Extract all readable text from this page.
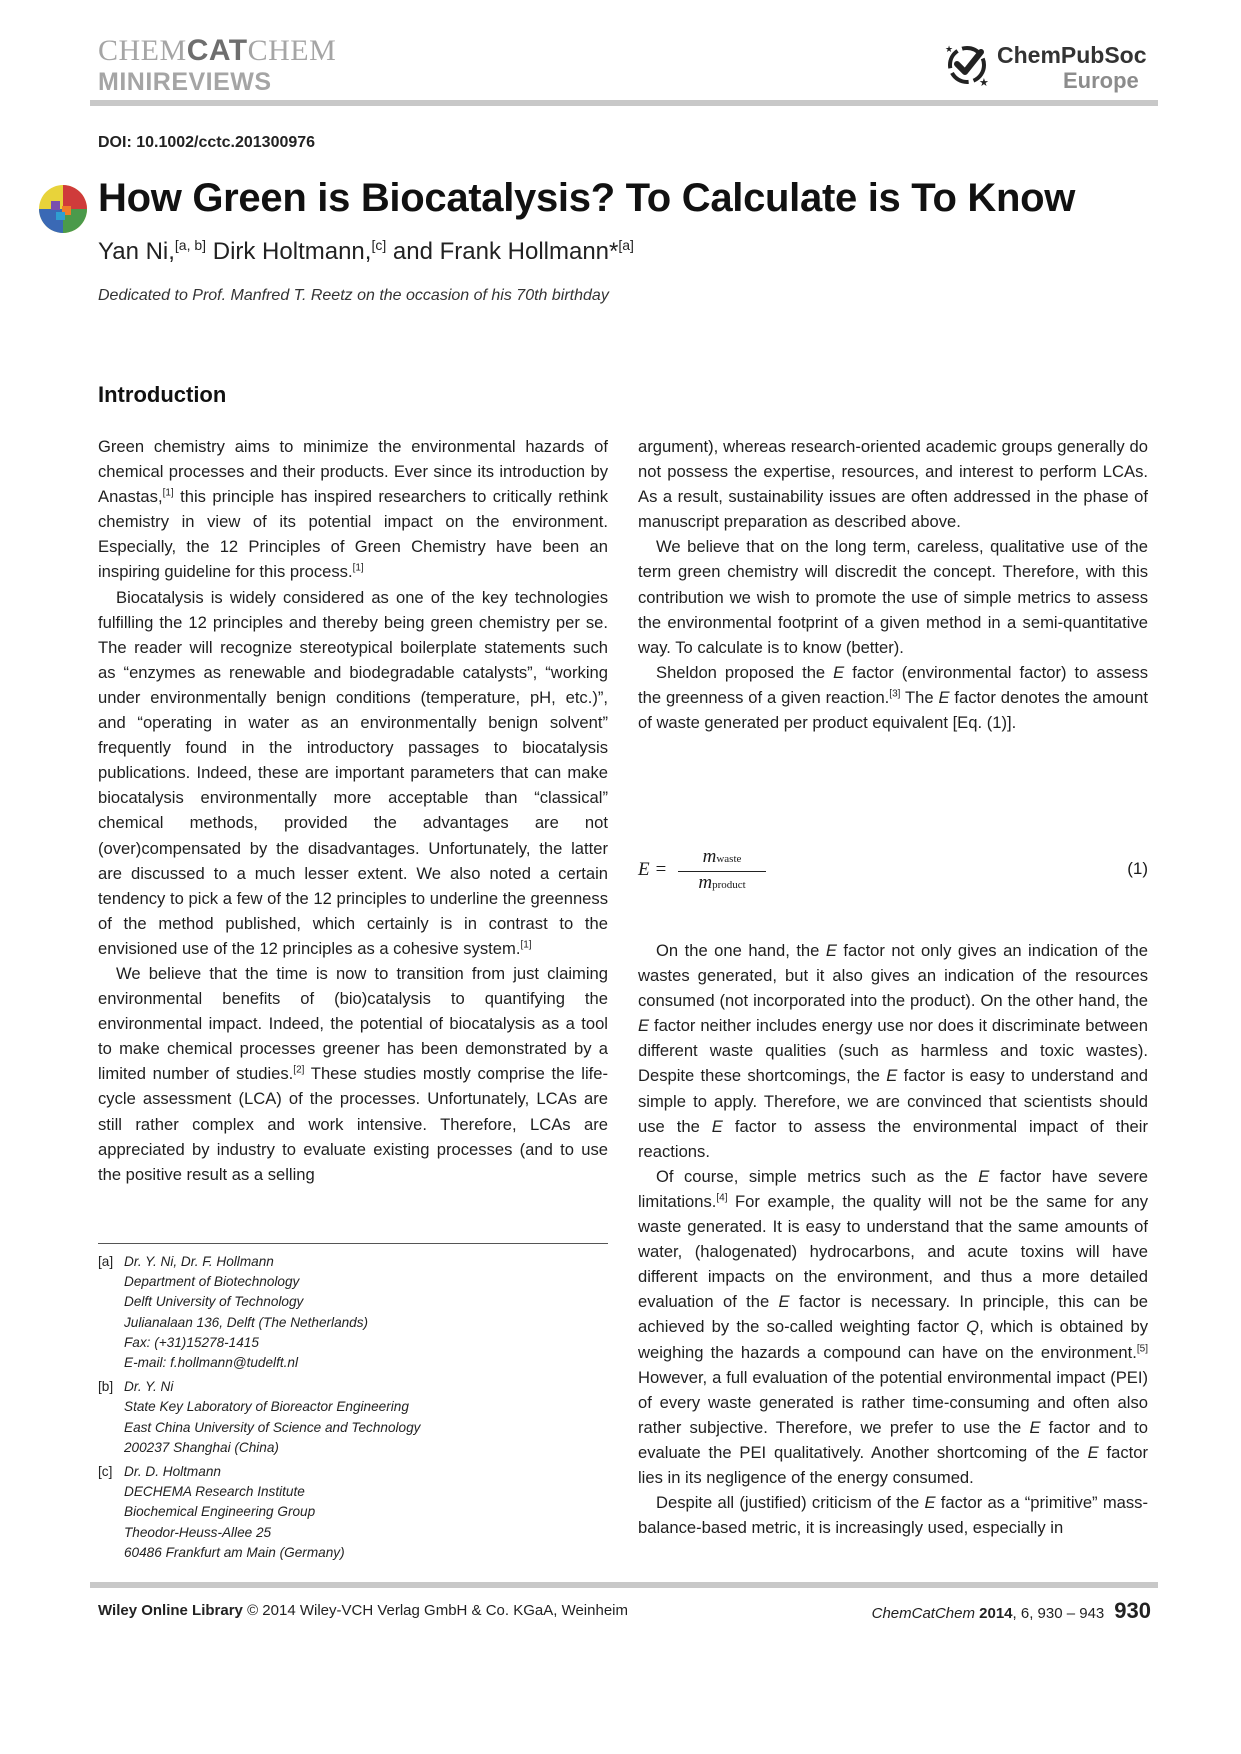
CHEMCATCHEM
MINIREVIEWS	★
★ ChemPubSoc
Europe
DOI: 10.1002/cctc.201300976
How Green is Biocatalysis? To Calculate is To Know
Yan Ni,[a, b] Dirk Holtmann,[c] and Frank Hollmann*[a]
Dedicated to Prof. Manfred T. Reetz on the occasion of his 70th birthday
Introduction

Green chemistry aims to minimize the environmental hazards of chemical processes and their products. Ever since its introduction by Anastas,[1] this principle has inspired researchers to critically rethink chemistry in view of its potential impact on the environment. Especially, the 12 Principles of Green Chemistry have been an inspiring guideline for this process.[1]

Biocatalysis is widely considered as one of the key technologies fulfilling the 12 principles and thereby being green chemistry per se. The reader will recognize stereotypical boilerplate statements such as “enzymes as renewable and biodegradable catalysts”, “working under environmentally benign conditions (temperature, pH, etc.)”, and “operating in water as an environmentally benign solvent” frequently found in the introductory passages to biocatalysis publications. Indeed, these are important parameters that can make biocatalysis environmentally more acceptable than “classical” chemical methods, provided the advantages are not (over)compensated by the disadvantages. Unfortunately, the latter are discussed to a much lesser extent. We also noted a certain tendency to pick a few of the 12 principles to underline the greenness of the method published, which certainly is in contrast to the envisioned use of the 12 principles as a cohesive system.[1]

We believe that the time is now to transition from just claiming environmental benefits of (bio)catalysis to quantifying the environmental impact. Indeed, the potential of biocatalysis as a tool to make chemical processes greener has been demonstrated by a limited number of studies.[2] These studies mostly comprise the life-cycle assessment (LCA) of the processes. Unfortunately, LCAs are still rather complex and work intensive. Therefore, LCAs are appreciated by industry to evaluate existing processes (and to use the positive result as a selling

argument), whereas research-oriented academic groups generally do not possess the expertise, resources, and interest to perform LCAs. As a result, sustainability issues are often addressed in the phase of manuscript preparation as described above.

We believe that on the long term, careless, qualitative use of the term green chemistry will discredit the concept. Therefore, with this contribution we wish to promote the use of simple metrics to assess the environmental footprint of a given method in a semi-quantitative way. To calculate is to know (better).

Sheldon proposed the E factor (environmental factor) to assess the greenness of a given reaction.[3] The E factor denotes the amount of waste generated per product equivalent [Eq. (1)].

E =
mwaste
mproduct
(1)

On the one hand, the E factor not only gives an indication of the wastes generated, but it also gives an indication of the resources consumed (not incorporated into the product). On the other hand, the E factor neither includes energy use nor does it discriminate between different waste qualities (such as harmless and toxic wastes). Despite these shortcomings, the E factor is easy to understand and simple to apply. Therefore, we are convinced that scientists should use the E factor to assess the environmental impact of their reactions.

Of course, simple metrics such as the E factor have severe limitations.[4] For example, the quality will not be the same for any waste generated. It is easy to understand that the same amounts of water, (halogenated) hydrocarbons, and acute toxins will have different impacts on the environment, and thus a more detailed evaluation of the E factor is necessary. In principle, this can be achieved by the so-called weighting factor Q, which is obtained by weighing the hazards a compound can have on the environment.[5] However, a full evaluation of the potential environmental impact (PEI) of every waste generated is rather time-consuming and often also rather subjective. Therefore, we prefer to use the E factor and to evaluate the PEI qualitatively. Another shortcoming of the E factor lies in its negligence of the energy consumed.

Despite all (justified) criticism of the E factor as a “primitive” mass-balance-based metric, it is increasingly used, especially in

[a] Dr. Y. Ni, Dr. F. Hollmann
Department of Biotechnology
Delft University of Technology
Julianalaan 136, Delft (The Netherlands)
Fax: (+31)15278-1415
E-mail: f.hollmann@tudelft.nl
[b] Dr. Y. Ni
State Key Laboratory of Bioreactor Engineering
East China University of Science and Technology
200237 Shanghai (China)
[c] Dr. D. Holtmann
DECHEMA Research Institute
Biochemical Engineering Group
Theodor-Heuss-Allee 25
60486 Frankfurt am Main (Germany)
Wiley Online Library © 2014 Wiley-VCH Verlag GmbH & Co. KGaA, Weinheim	ChemCatChem 2014, 6, 930 – 943 930
